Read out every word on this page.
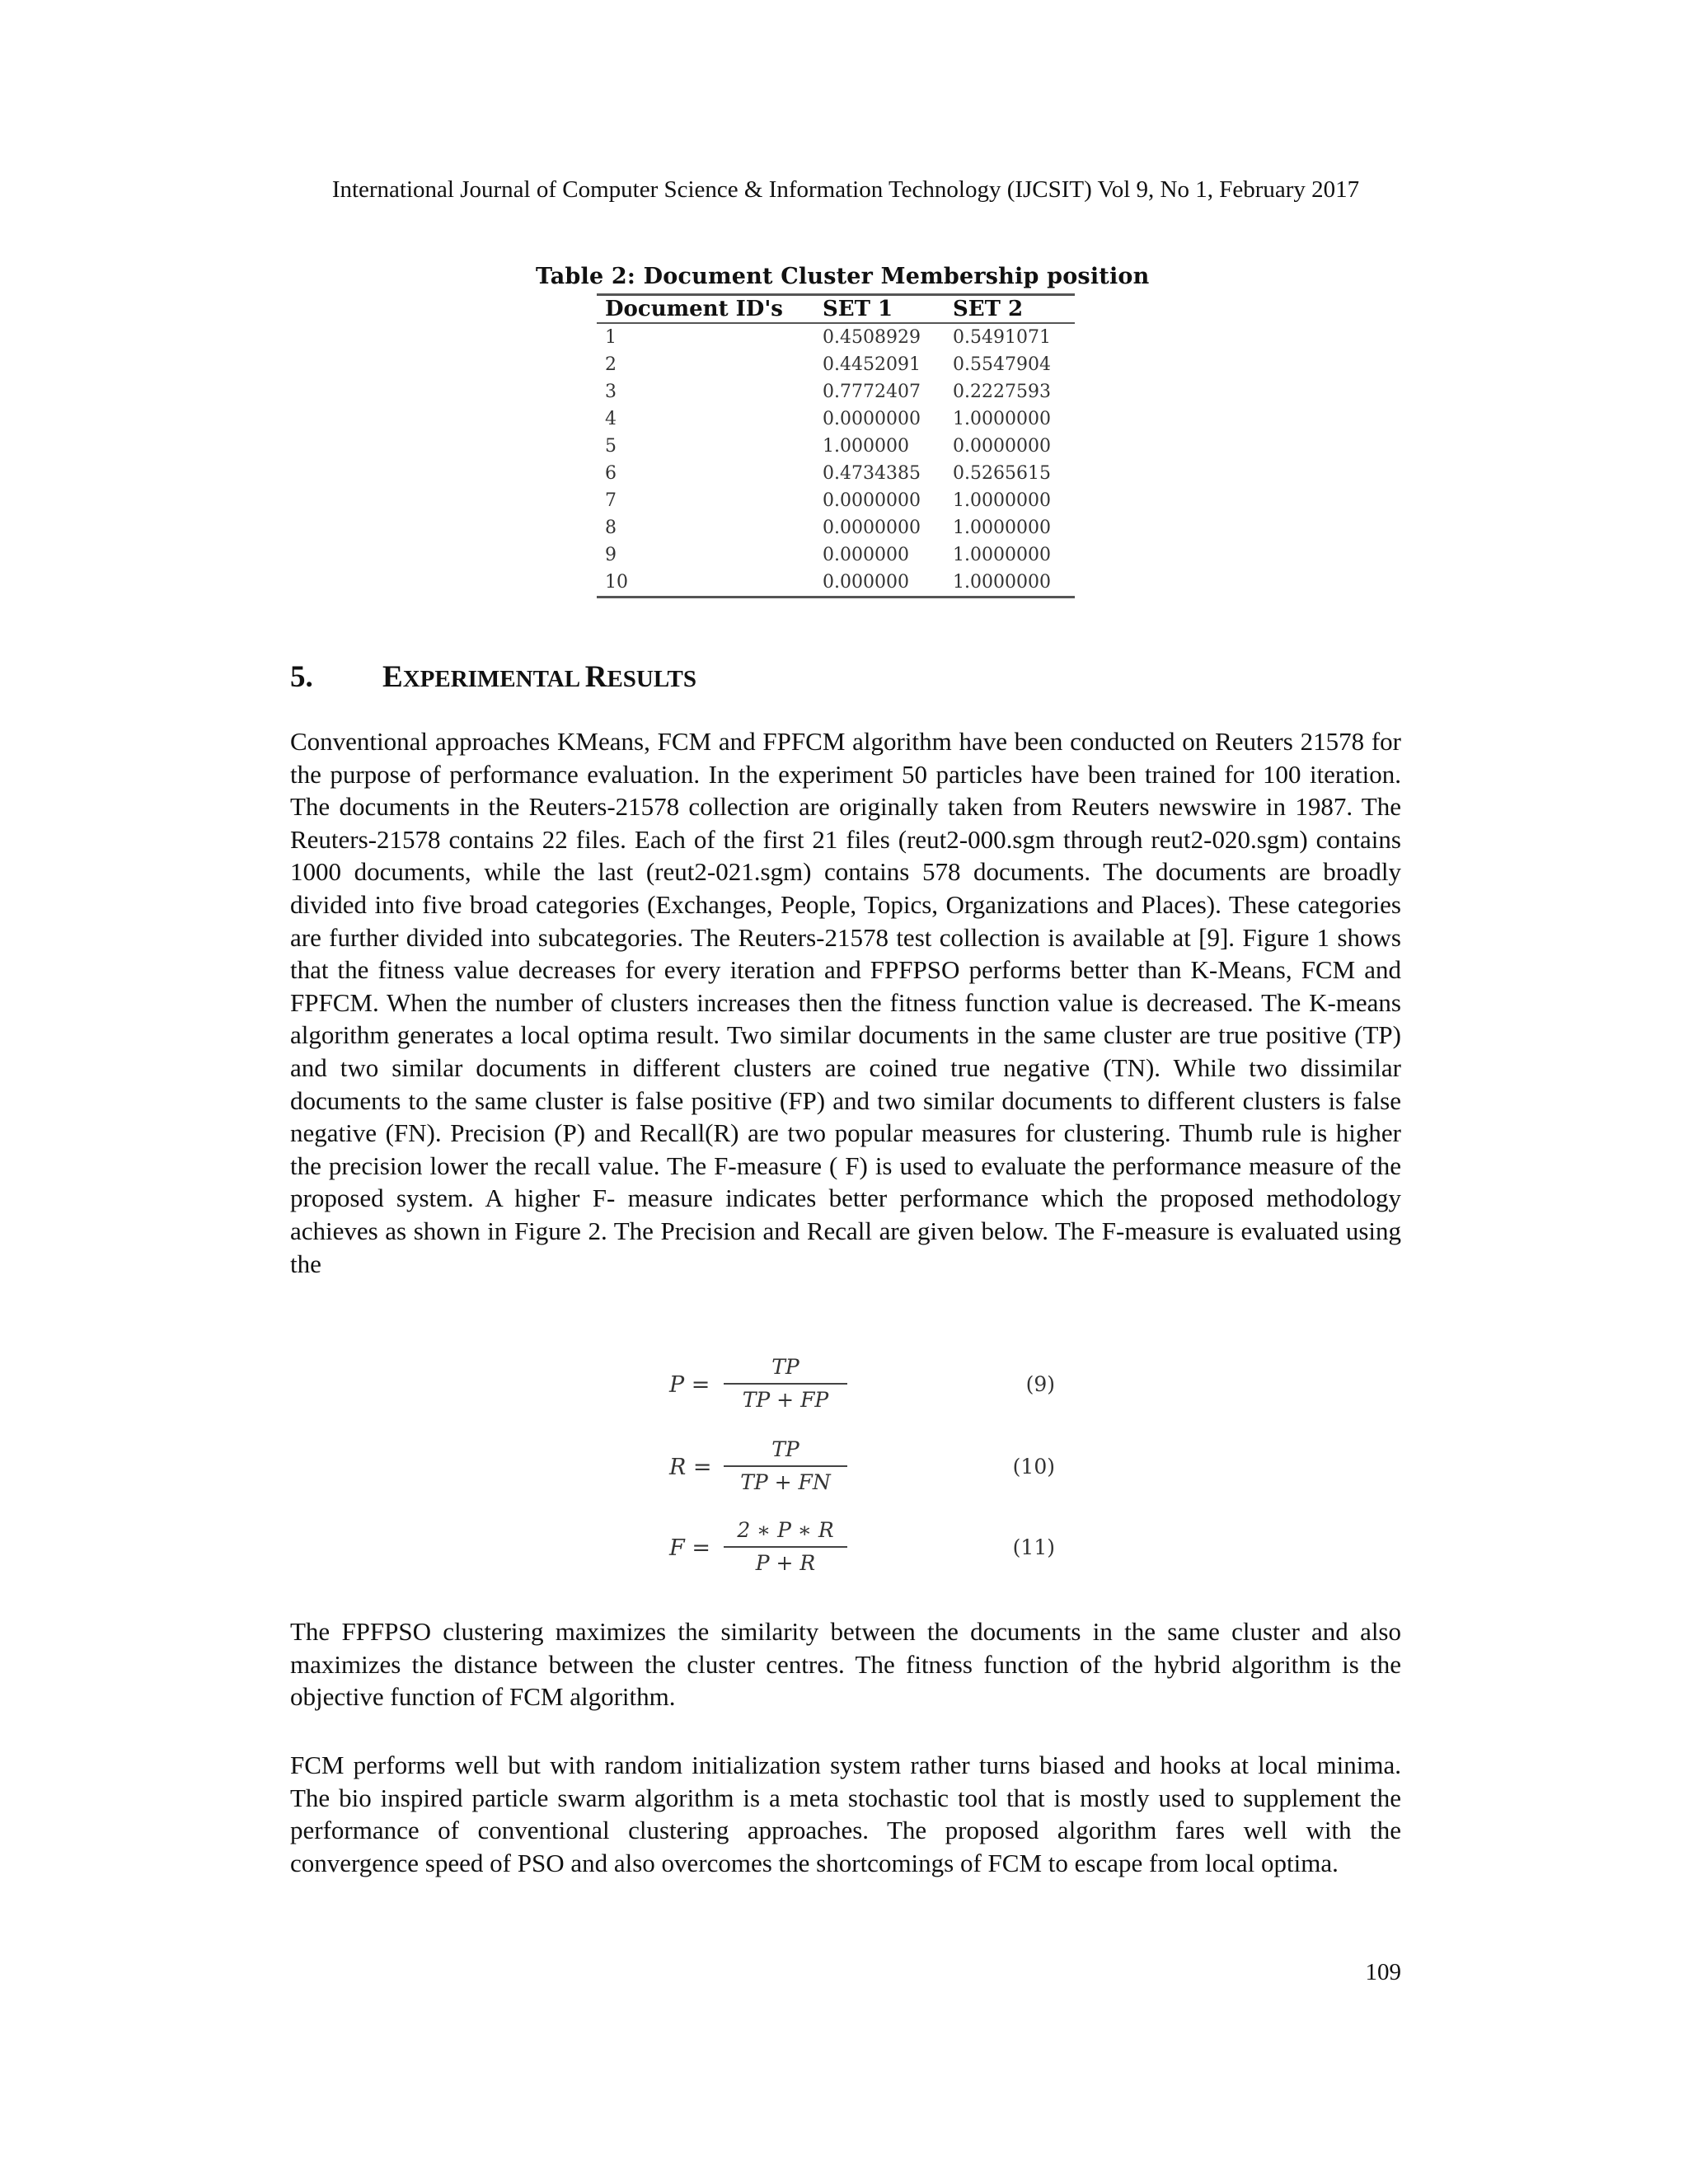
International Journal of Computer Science & Information Technology (IJCSIT) Vol 9, No 1, February 2017
Table 2: Document Cluster Membership position
Document ID's	SET 1	SET 2
1	0.4508929	0.5491071
2	0.4452091	0.5547904
3	0.7772407	0.2227593
4	0.0000000	1.0000000
5	1.000000	0.0000000
6	0.4734385	0.5265615
7	0.0000000	1.0000000
8	0.0000000	1.0000000
9	0.000000	1.0000000
10	0.000000	1.0000000
5. EXPERIMENTAL RESULTS
Conventional approaches KMeans, FCM and FPFCM algorithm have been conducted on Reuters 21578 for the purpose of performance evaluation. In the experiment 50 particles have been trained for 100 iteration. The documents in the Reuters-21578 collection are originally taken from Reuters newswire in 1987. The Reuters-21578 contains 22 files. Each of the first 21 files (reut2-000.sgm through reut2-020.sgm) contains 1000 documents, while the last (reut2-021.sgm) contains 578 documents. The documents are broadly divided into five broad categories (Exchanges, People, Topics, Organizations and Places). These categories are further divided into subcategories. The Reuters-21578 test collection is available at [9]. Figure 1 shows that the fitness value decreases for every iteration and FPFPSO performs better than K-Means, FCM and FPFCM. When the number of clusters increases then the fitness function value is decreased. The K-means algorithm generates a local optima result. Two similar documents in the same cluster are true positive (TP) and two similar documents in different clusters are coined true negative (TN). While two dissimilar documents to the same cluster is false positive (FP) and two similar documents to different clusters is false negative (FN). Precision (P) and Recall(R) are two popular measures for clustering. Thumb rule is higher the precision lower the recall value. The F-measure ( F) is used to evaluate the performance measure of the proposed system. A higher F- measure indicates better performance which the proposed methodology achieves as shown in Figure 2. The Precision and Recall are given below. The F-measure is evaluated using the
$P = \frac{TP}{TP + FP}$	(9)
$R = \frac{TP}{TP + FN}$	(10)
$F = \frac{2 ∗ P ∗ R}{P + R}$	(11)
The FPFPSO clustering maximizes the similarity between the documents in the same cluster and also maximizes the distance between the cluster centres. The fitness function of the hybrid algorithm is the objective function of FCM algorithm.
FCM performs well but with random initialization system rather turns biased and hooks at local minima. The bio inspired particle swarm algorithm is a meta stochastic tool that is mostly used to supplement the performance of conventional clustering approaches. The proposed algorithm fares well with the convergence speed of PSO and also overcomes the shortcomings of FCM to escape from local optima.
109
